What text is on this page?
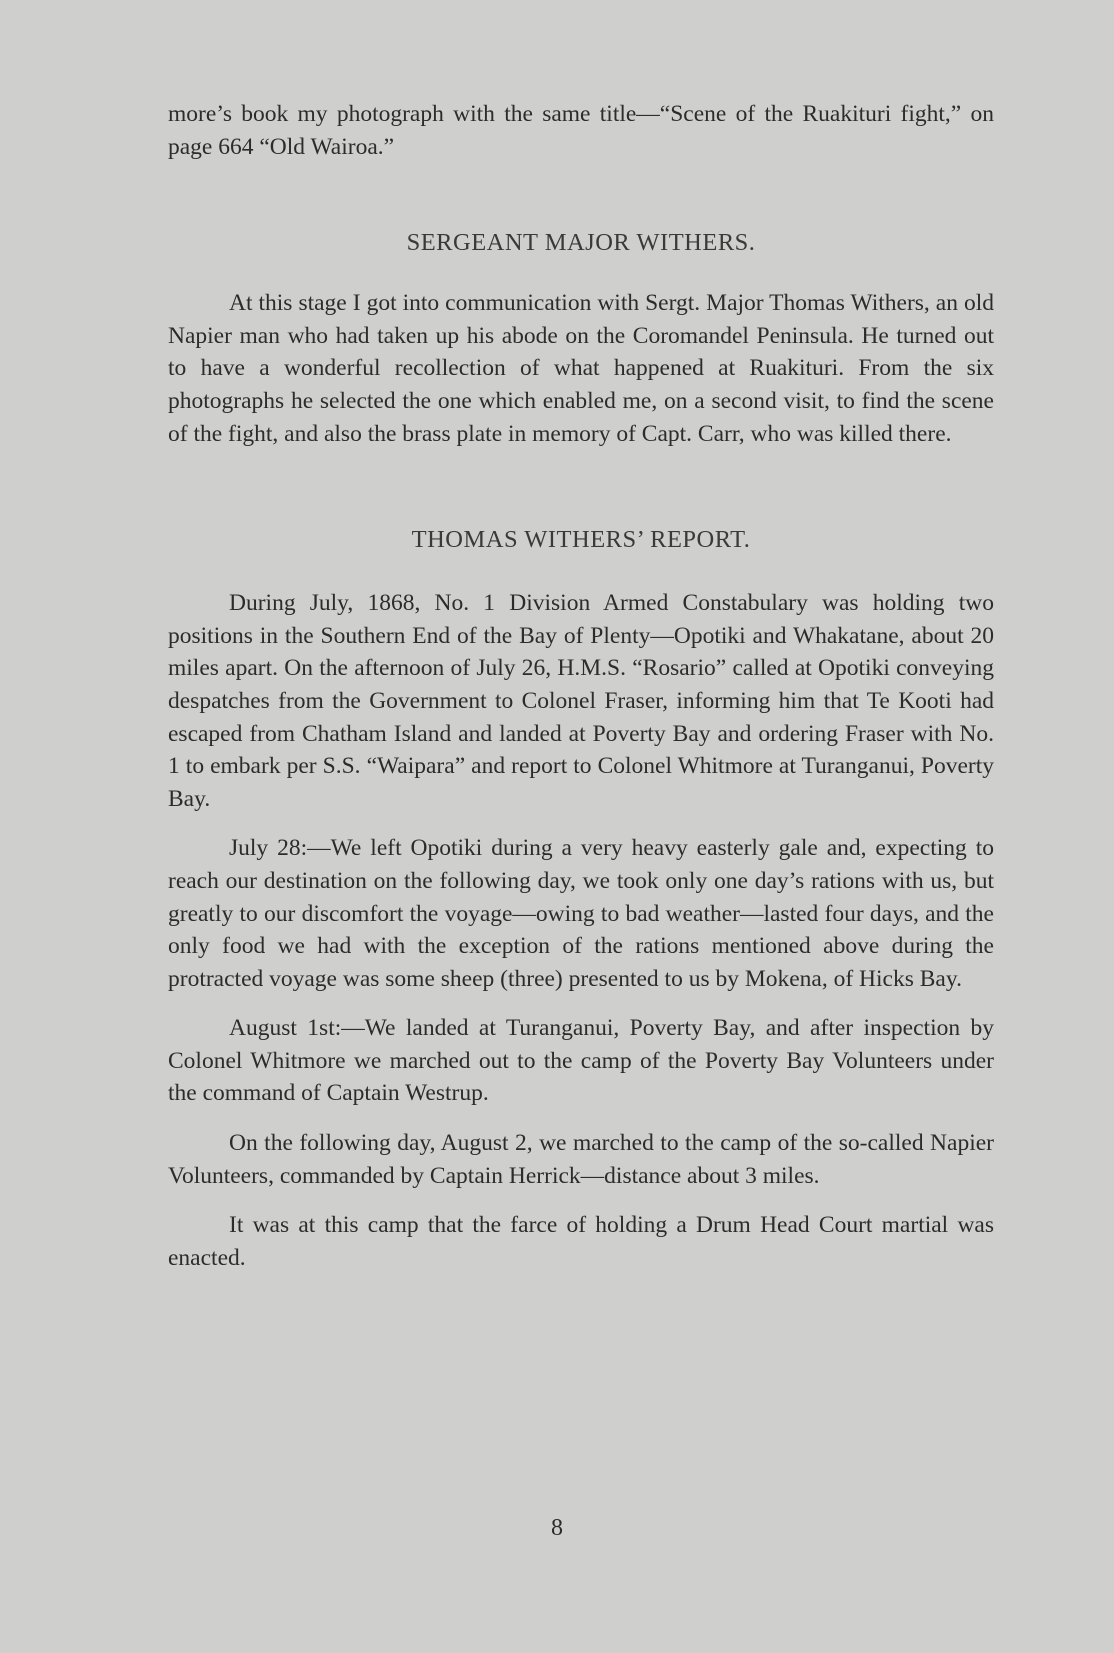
more’s book my photograph with the same title—“Scene of the Ruakituri fight,” on page 664 “Old Wairoa.”

SERGEANT MAJOR WITHERS.

At this stage I got into communication with Sergt. Major Thomas Withers, an old Napier man who had taken up his abode on the Coromandel Peninsula. He turned out to have a wonderful recollection of what happened at Ruakituri. From the six photographs he selected the one which enabled me, on a second visit, to find the scene of the fight, and also the brass plate in memory of Capt. Carr, who was killed there.

THOMAS WITHERS’ REPORT.

During July, 1868, No. 1 Division Armed Constabulary was holding two positions in the Southern End of the Bay of Plenty—Opotiki and Whakatane, about 20 miles apart. On the afternoon of July 26, H.M.S. “Rosario” called at Opotiki conveying despatches from the Government to Colonel Fraser, informing him that Te Kooti had escaped from Chatham Island and landed at Poverty Bay and ordering Fraser with No. 1 to embark per S.S. “Waipara” and report to Colonel Whitmore at Turanganui, Poverty Bay.

July 28:—We left Opotiki during a very heavy easterly gale and, expecting to reach our destination on the following day, we took only one day’s rations with us, but greatly to our discomfort the voyage—owing to bad weather—lasted four days, and the only food we had with the exception of the rations mentioned above during the protracted voyage was some sheep (three) presented to us by Mokena, of Hicks Bay.

August 1st:—We landed at Turanganui, Poverty Bay, and after inspection by Colonel Whitmore we marched out to the camp of the Poverty Bay Volunteers under the command of Captain Westrup.

On the following day, August 2, we marched to the camp of the so-called Napier Volunteers, commanded by Captain Herrick—distance about 3 miles.

It was at this camp that the farce of holding a Drum Head Court martial was enacted.

8
